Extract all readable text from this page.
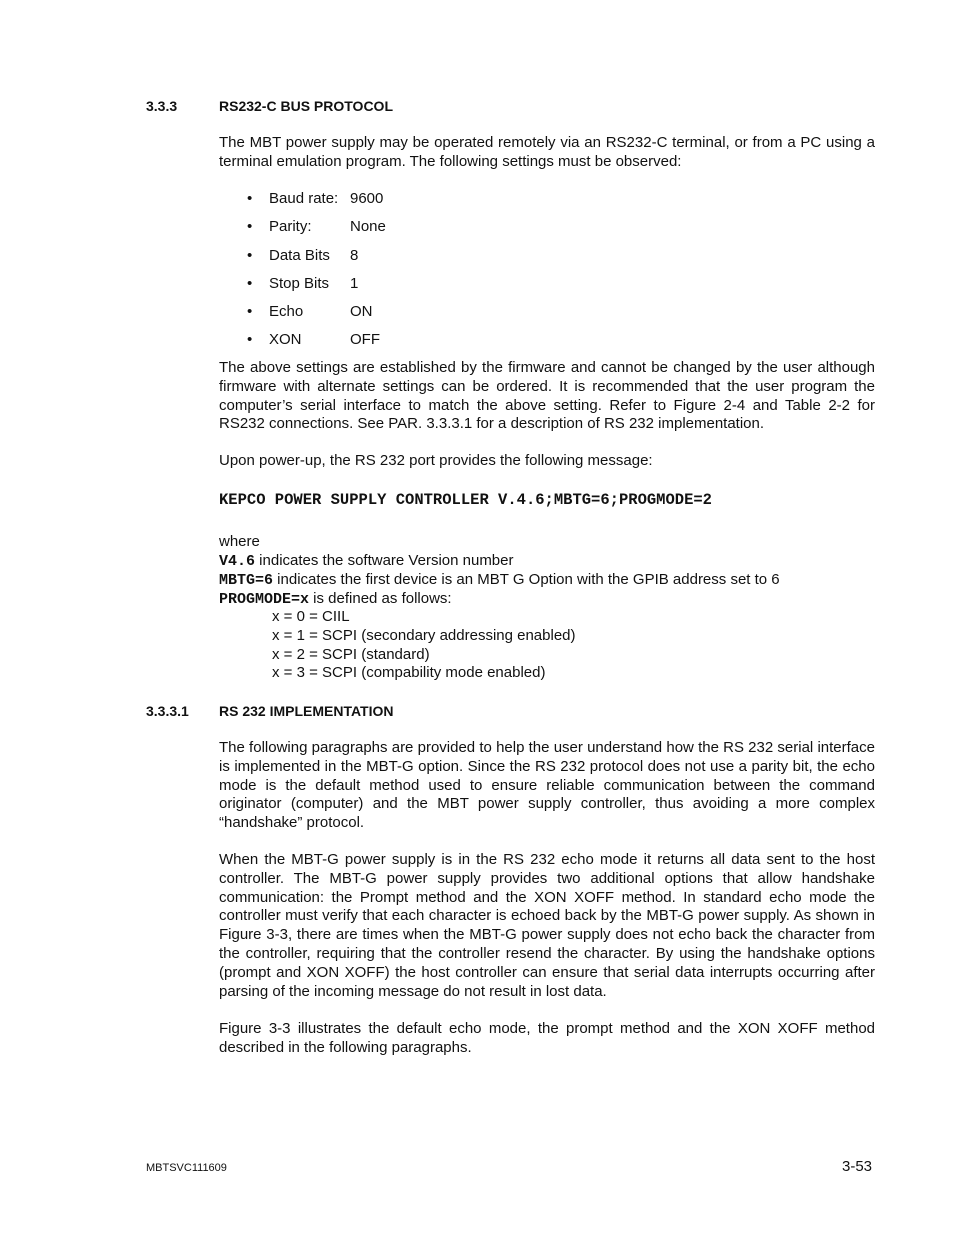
3.3.3	RS232-C BUS PROTOCOL
The MBT power supply may be operated remotely via an RS232-C terminal, or from a PC using a terminal emulation program. The following settings must be observed:
• Baud rate: 9600
• Parity:	None
• Data Bits 8
• Stop Bits 1
• Echo	ON
• XON	OFF
The above settings are established by the firmware and cannot be changed by the user although firmware with alternate settings can be ordered. It is recommended that the user program the computer’s serial interface to match the above setting. Refer to Figure 2-4 and Table 2-2 for RS232 connections. See PAR. 3.3.3.1 for a description of RS 232 implementation.
Upon power-up, the RS 232 port provides the following message:
KEPCO POWER SUPPLY CONTROLLER V.4.6;MBTG=6;PROGMODE=2
where
V4.6 indicates the software Version number
MBTG=6 indicates the first device is an MBT G Option with the GPIB address set to 6
PROGMODE=x is defined as follows:
x = 0 = CIIL
x = 1 = SCPI (secondary addressing enabled)
x = 2 = SCPI (standard)
x = 3 = SCPI (compability mode enabled)
3.3.3.1 RS 232 IMPLEMENTATION
The following paragraphs are provided to help the user understand how the RS 232 serial interface is implemented in the MBT-G option. Since the RS 232 protocol does not use a parity bit, the echo mode is the default method used to ensure reliable communication between the command originator (computer) and the MBT power supply controller, thus avoiding a more complex “handshake” protocol.
When the MBT-G power supply is in the RS 232 echo mode it returns all data sent to the host controller. The MBT-G power supply provides two additional options that allow handshake communication: the Prompt method and the XON XOFF method. In standard echo mode the controller must verify that each character is echoed back by the MBT-G power supply. As shown in Figure 3-3, there are times when the MBT-G power supply does not echo back the character from the controller, requiring that the controller resend the character. By using the handshake options (prompt and XON XOFF) the host controller can ensure that serial data interrupts occurring after parsing of the incoming message do not result in lost data.
Figure 3-3 illustrates the default echo mode, the prompt method and the XON XOFF method described in the following paragraphs.
MBTSVC111609	3-53
